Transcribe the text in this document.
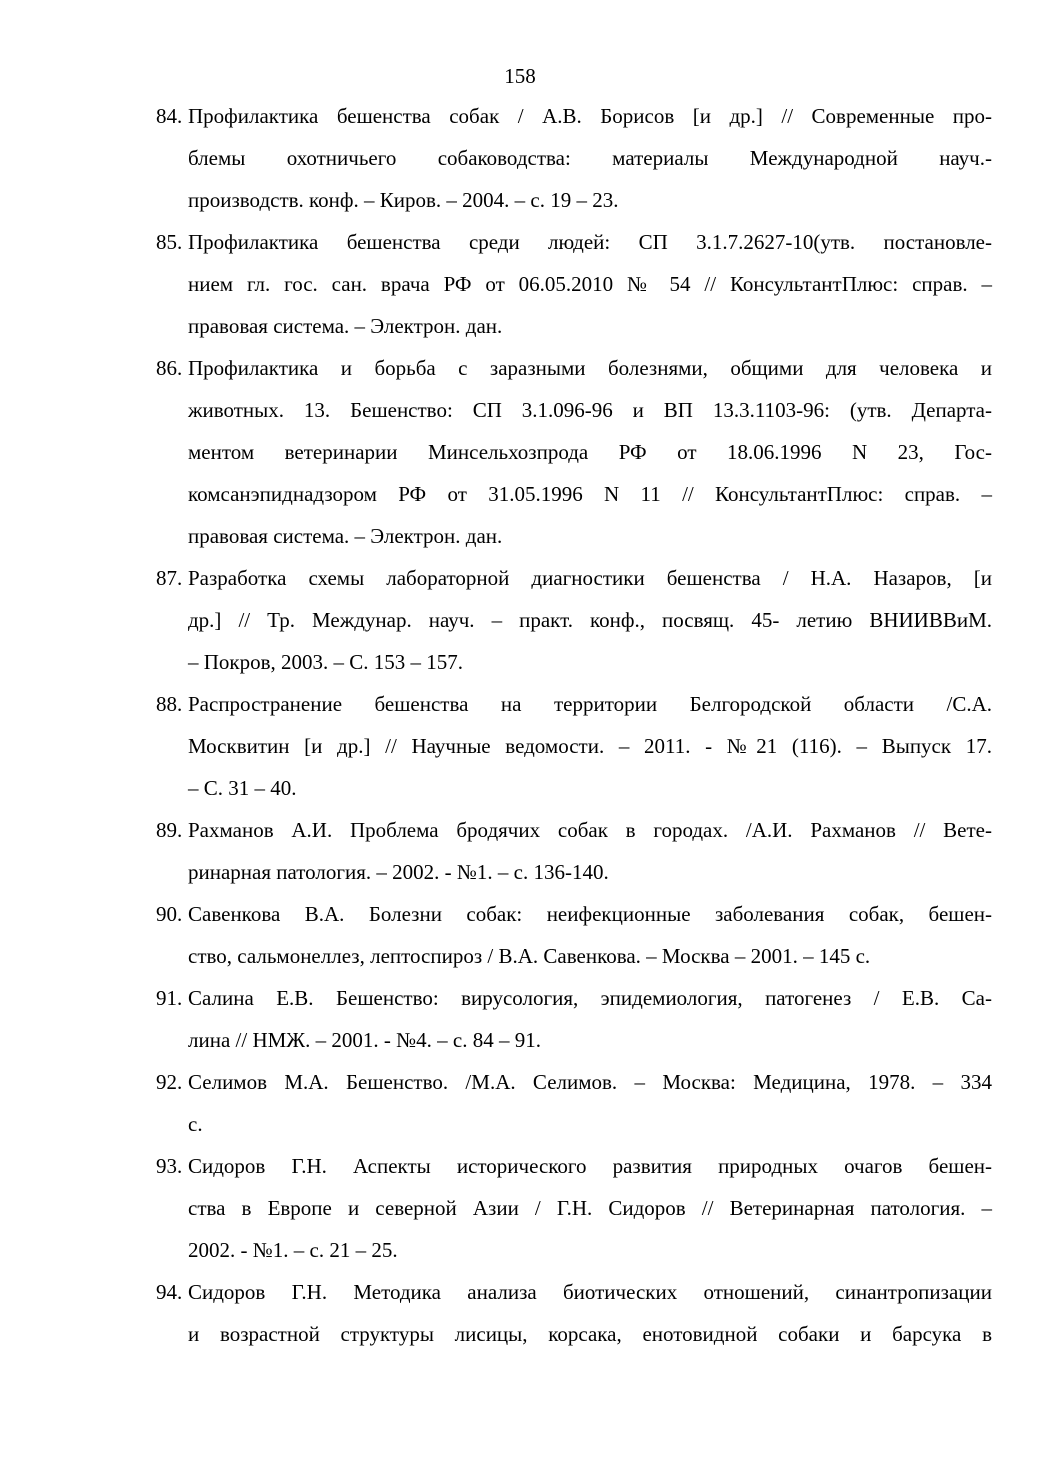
158
84. Профилактика бешенства собак / А.В. Борисов [и др.] // Современные про-
блемы охотничьего собаководства: материалы Международной науч.-
производств. конф. – Киров. – 2004. – с. 19 – 23.
85. Профилактика бешенства среди людей: СП 3.1.7.2627-10(утв. постановле-
нием гл. гос. сан. врача РФ от 06.05.2010 № 54 // КонсультантПлюс: справ. –
правовая система. – Электрон. дан.
86. Профилактика и борьба с заразными болезнями, общими для человека и
животных. 13. Бешенство: СП 3.1.096-96 и ВП 13.3.1103-96: (утв. Департа-
ментом ветеринарии Минсельхозпрода РФ от 18.06.1996 N 23, Гос-
комсанэпиднадзором РФ от 31.05.1996 N 11 // КонсультантПлюс: справ. –
правовая система. – Электрон. дан.
87. Разработка схемы лабораторной диагностики бешенства / Н.А. Назаров, [и
др.] // Тр. Междунар. науч. – практ. конф., посвящ. 45- летию ВНИИВВиМ.
– Покров, 2003. – С. 153 – 157.
88. Распространение бешенства на территории Белгородской области /С.А.
Москвитин [и др.] // Научные ведомости. – 2011. - №21 (116). – Выпуск 17.
– С. 31 – 40.
89. Рахманов А.И. Проблема бродячих собак в городах. /А.И. Рахманов // Вете-
ринарная патология. – 2002. - №1. – с. 136-140.
90. Савенкова В.А. Болезни собак: неифекционные заболевания собак, бешен-
ство, сальмонеллез, лептоспироз / В.А. Савенкова. – Москва – 2001. – 145 с.
91. Салина Е.В. Бешенство: вирусология, эпидемиология, патогенез / Е.В. Са-
лина // НМЖ. – 2001. - №4. – с. 84 – 91.
92. Селимов М.А. Бешенство. /М.А. Селимов. – Москва: Медицина, 1978. – 334
с.
93. Сидоров Г.Н. Аспекты исторического развития природных очагов бешен-
ства в Европе и северной Азии / Г.Н. Сидоров // Ветеринарная патология. –
2002. - №1. – с. 21 – 25.
94. Сидоров Г.Н. Методика анализа биотических отношений, синантропизации
и возрастной структуры лисицы, корсака, енотовидной собаки и барсука в
